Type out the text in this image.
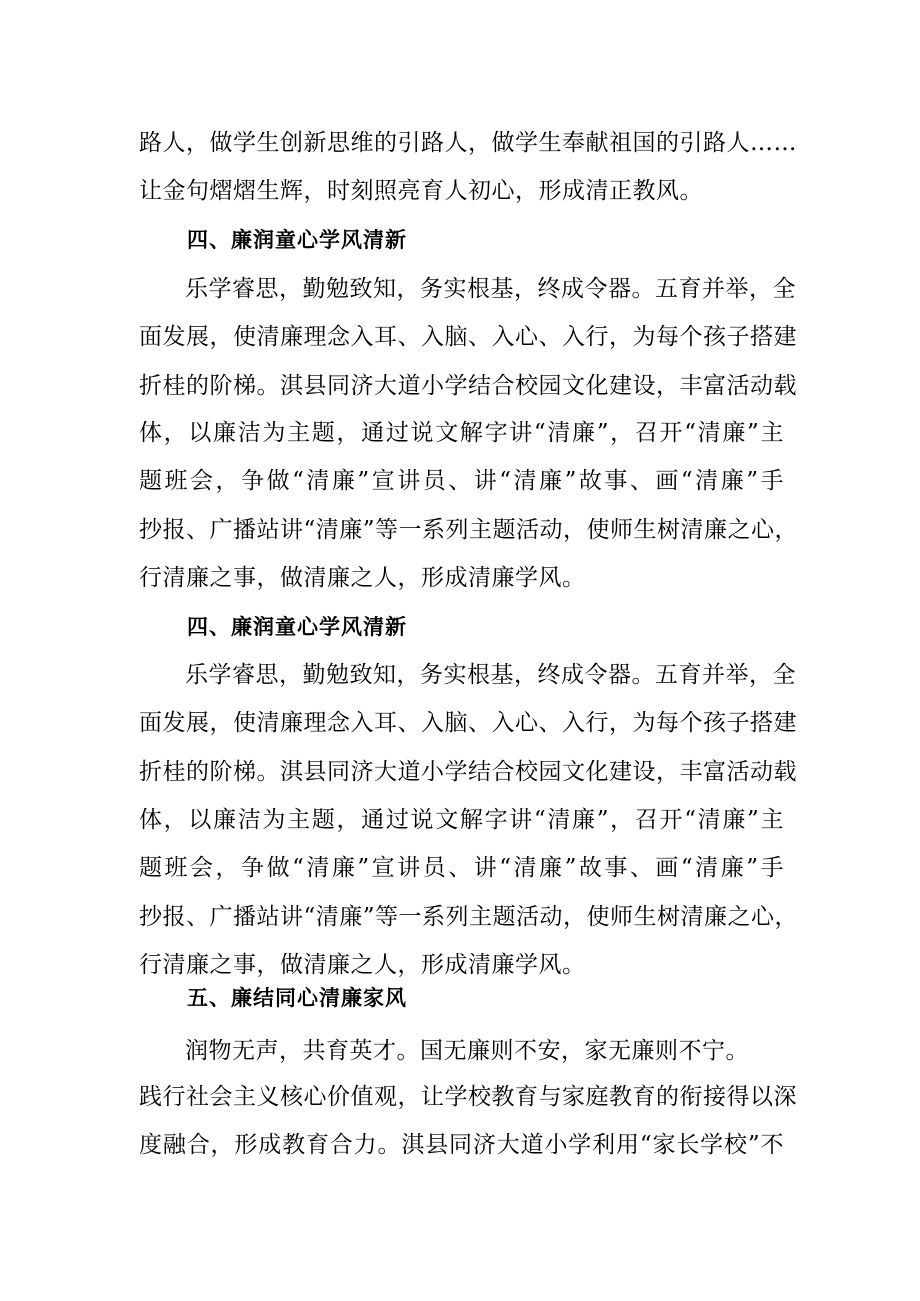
路人，做学生创新思维的引路人，做学生奉献祖国的引路人……
让金句熠熠生辉，时刻照亮育人初心，形成清正教风。
四、廉润童心学风清新
乐学睿思，勤勉致知，务实根基，终成令器。五育并举，全
面发展，使清廉理念入耳、入脑、入心、入行，为每个孩子搭建
折桂的阶梯。淇县同济大道小学结合校园文化建设，丰富活动载
体，以廉洁为主题，通过说文解字讲“清廉”，召开“清廉”主
题班会，争做“清廉”宣讲员、讲“清廉”故事、画“清廉”手
抄报、广播站讲“清廉”等一系列主题活动，使师生树清廉之心，
行清廉之事，做清廉之人，形成清廉学风。
四、廉润童心学风清新
乐学睿思，勤勉致知，务实根基，终成令器。五育并举，全
面发展，使清廉理念入耳、入脑、入心、入行，为每个孩子搭建
折桂的阶梯。淇县同济大道小学结合校园文化建设，丰富活动载
体，以廉洁为主题，通过说文解字讲“清廉”，召开“清廉”主
题班会，争做“清廉”宣讲员、讲“清廉”故事、画“清廉”手
抄报、广播站讲“清廉”等一系列主题活动，使师生树清廉之心，
行清廉之事，做清廉之人，形成清廉学风。
五、廉结同心清廉家风
润物无声，共育英才。国无廉则不安，家无廉则不宁。
践行社会主义核心价值观，让学校教育与家庭教育的衔接得以深
度融合，形成教育合力。淇县同济大道小学利用“家长学校”不
